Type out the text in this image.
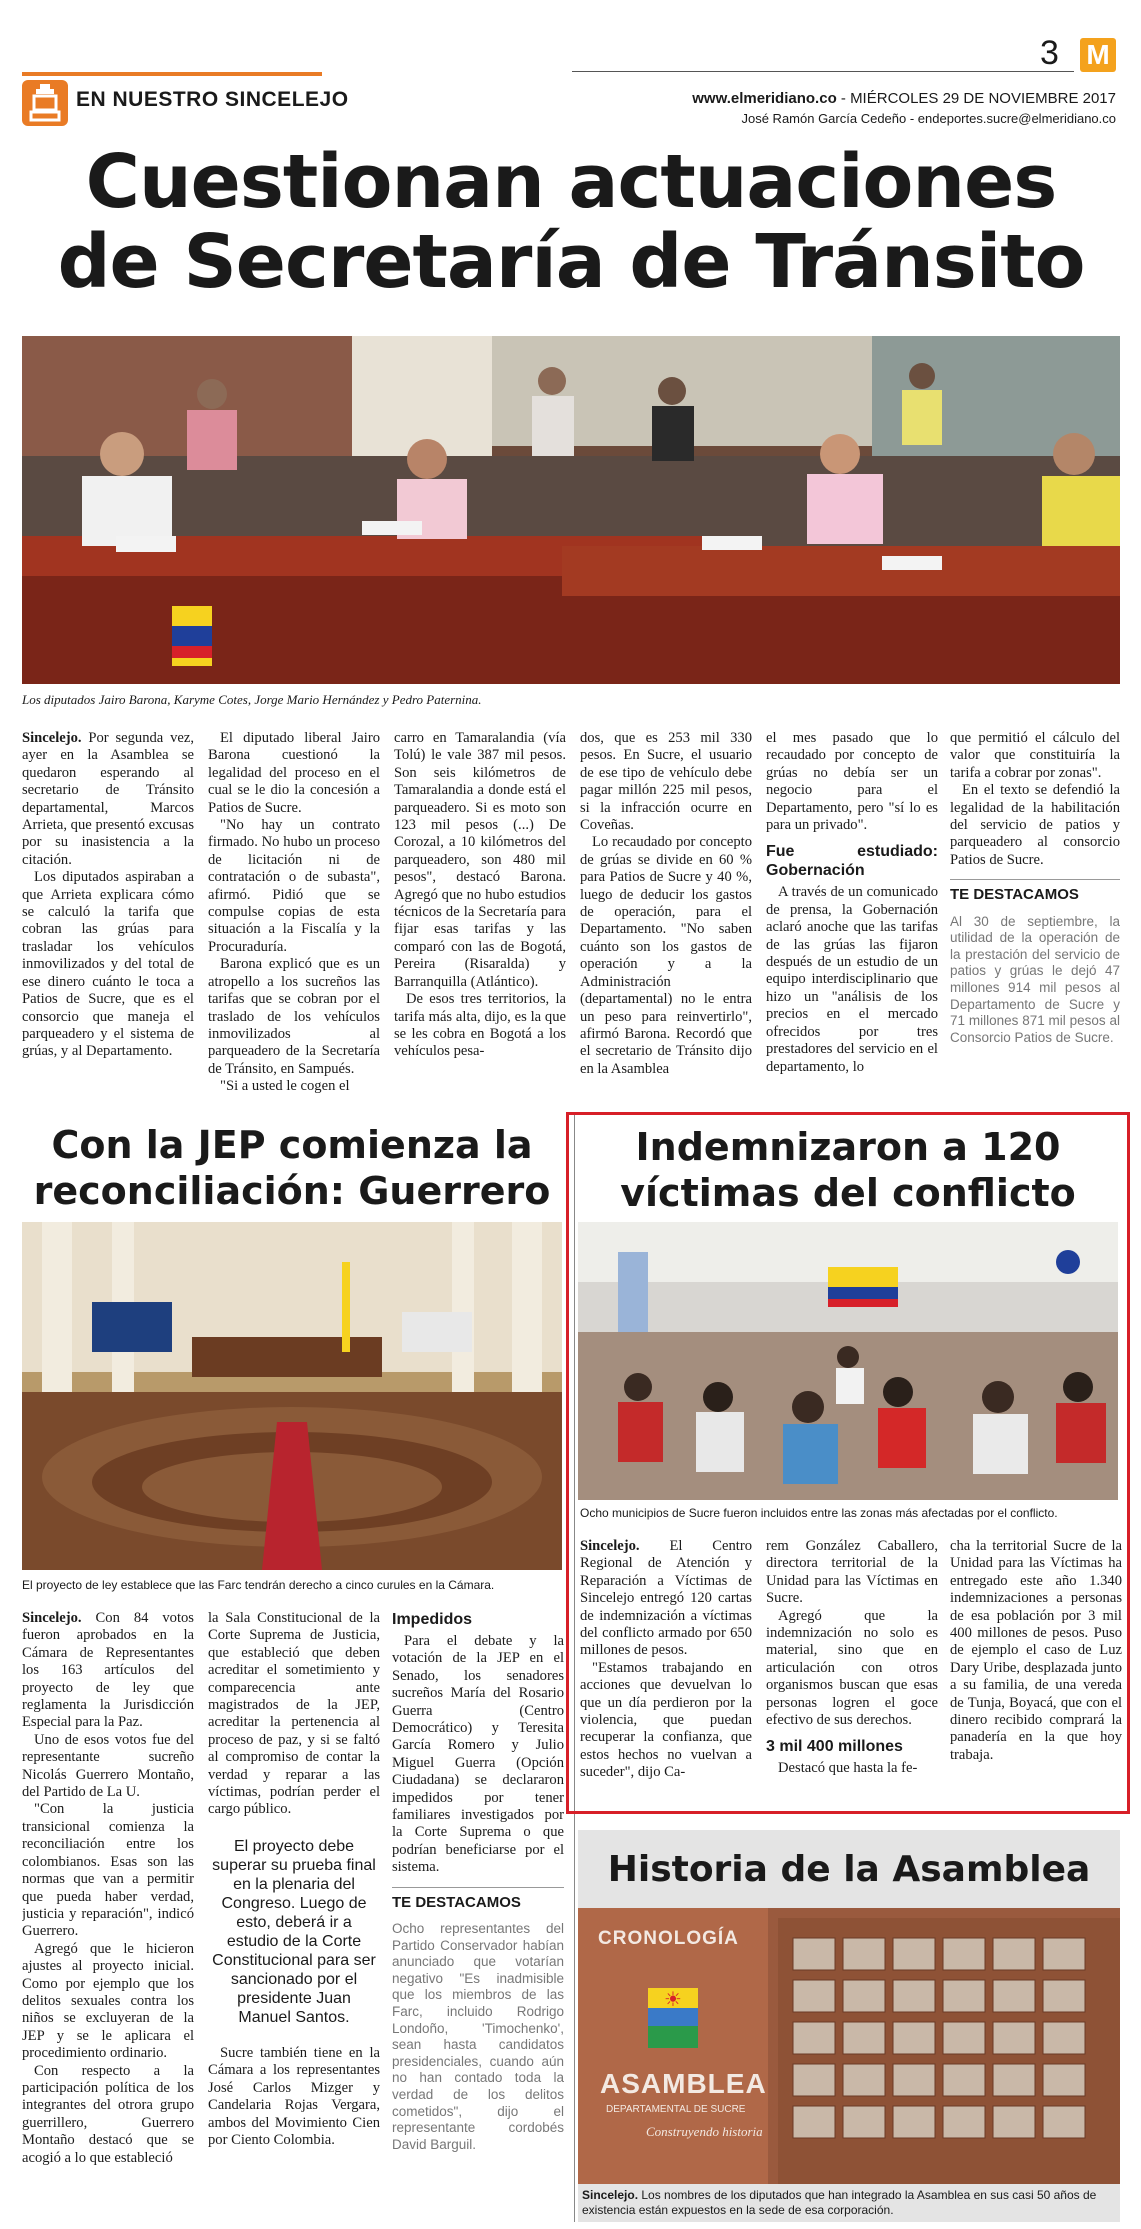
EN NUESTRO SINCELEJO
3 M
www.elmeridiano.co - MIÉRCOLES 29 DE NOVIEMBRE 2017
José Ramón García Cedeño - endeportes.sucre@elmeridiano.co
Cuestionan actuaciones
de Secretaría de Tránsito
Los diputados Jairo Barona, Karyme Cotes, Jorge Mario Hernández y Pedro Paternina.

Sincelejo. Por segunda vez, ayer en la Asamblea se quedaron esperando al secretario de Tránsito departamental, Marcos Arrieta, que presentó excusas por su inasistencia a la citación.

Los diputados aspiraban a que Arrieta explicara cómo se calculó la tarifa que cobran las grúas para trasladar los vehículos inmovilizados y del total de ese dinero cuánto le toca a Patios de Sucre, que es el consorcio que maneja el parqueadero y el sistema de grúas, y al Departamento.

El diputado liberal Jairo Barona cuestionó la legalidad del proceso en el cual se le dio la concesión a Patios de Sucre.

"No hay un contrato firmado. No hubo un proceso de licitación ni de contratación o de subasta", afirmó. Pidió que se compulse copias de esta situación a la Fiscalía y la Procuraduría.

Barona explicó que es un atropello a los sucreños las tarifas que se cobran por el traslado de los vehículos inmovilizados al parqueadero de la Secretaría de Tránsito, en Sampués.

"Si a usted le cogen el

carro en Tamaralandia (vía Tolú) le vale 387 mil pesos. Son seis kilómetros de Tamaralandia a donde está el parqueadero. Si es moto son 123 mil pesos (...) De Corozal, a 10 kilómetros del parqueadero, son 480 mil pesos", destacó Barona. Agregó que no hubo estudios técnicos de la Secretaría para fijar esas tarifas y las comparó con las de Bogotá, Pereira (Risaralda) y Barranquilla (Atlántico).

De esos tres territorios, la tarifa más alta, dijo, es la que se les cobra en Bogotá a los vehículos pesa-

dos, que es 253 mil 330 pesos. En Sucre, el usuario de ese tipo de vehículo debe pagar millón 225 mil pesos, si la infracción ocurre en Coveñas.

Lo recaudado por concepto de grúas se divide en 60 % para Patios de Sucre y 40 %, luego de deducir los gastos de operación, para el Departamento. "No saben cuánto son los gastos de operación y a la Administración (departamental) no le entra un peso para reinvertirlo", afirmó Barona. Recordó que el secretario de Tránsito dijo en la Asamblea

el mes pasado que lo recaudado por concepto de grúas no debía ser un negocio para el Departamento, pero "sí lo es para un privado".

Fue estudiado: Gobernación

A través de un comunicado de prensa, la Gobernación aclaró anoche que las tarifas de las grúas las fijaron después de un estudio de un equipo interdisciplinario que hizo un "análisis de los precios en el mercado ofrecidos por tres prestadores del servicio en el departamento, lo

que permitió el cálculo del valor que constituiría la tarifa a cobrar por zonas".

En el texto se defendió la legalidad de la habilitación del servicio de patios y parqueadero al consorcio Patios de Sucre.

TE DESTACAMOS
Al 30 de septiembre, la utilidad de la operación de la prestación del servicio de patios y grúas le dejó 47 millones 914 mil pesos al Departamento de Sucre y 71 millones 871 mil pesos al Consorcio Patios de Sucre.
Con la JEP comienza la
reconciliación: Guerrero
El proyecto de ley establece que las Farc tendrán derecho a cinco curules en la Cámara.

Sincelejo. Con 84 votos fueron aprobados en la Cámara de Representantes los 163 artículos del proyecto de ley que reglamenta la Jurisdicción Especial para la Paz.

Uno de esos votos fue del representante sucreño Nicolás Guerrero Montaño, del Partido de La U.

"Con la justicia transicional comienza la reconciliación entre los colombianos. Esas son las normas que van a permitir que pueda haber verdad, justicia y reparación", indicó Guerrero.

Agregó que le hicieron ajustes al proyecto inicial. Como por ejemplo que los delitos sexuales contra los niños se excluyeran de la JEP y se le aplicara el procedimiento ordinario.

Con respecto a la participación política de los integrantes del otrora grupo guerrillero, Guerrero Montaño destacó que se acogió a lo que estableció

la Sala Constitucional de la Corte Suprema de Justicia, que estableció que deben acreditar el sometimiento y comparecencia ante magistrados de la JEP, acreditar la pertenencia al proceso de paz, y si se faltó al compromiso de contar la verdad y reparar a las víctimas, podrían perder el cargo público.

El proyecto debe superar su prueba final en la plenaria del Congreso. Luego de esto, deberá ir a estudio de la Corte Constitucional para ser sancionado por el presidente Juan Manuel Santos.

Sucre también tiene en la Cámara a los representantes José Carlos Mizger y Candelaria Rojas Vergara, ambos del Movimiento Cien por Ciento Colombia.

Impedidos

Para el debate y la votación de la JEP en el Senado, los senadores sucreños María del Rosario Guerra (Centro Democrático) y Teresita García Romero y Julio Miguel Guerra (Opción Ciudadana) se declararon impedidos por tener familiares investigados por la Corte Suprema o que podrían beneficiarse por el sistema.

TE DESTACAMOS
Ocho representantes del Partido Conservador habían anunciado que votarían negativo "Es inadmisible que los miembros de las Farc, incluido Rodrigo Londoño, 'Timochenko', sean hasta candidatos presidenciales, cuando aún no han contado toda la verdad de los delitos cometidos", dijo el representante cordobés David Barguil.
Indemnizaron a 120
víctimas del conflicto
Ocho municipios de Sucre fueron incluidos entre las zonas más afectadas por el conflicto.

Sincelejo. El Centro Regional de Atención y Reparación a Víctimas de Sincelejo entregó 120 cartas de indemnización a víctimas del conflicto armado por 650 millones de pesos.

"Estamos trabajando en acciones que devuelvan lo que un día perdieron por la violencia, que puedan recuperar la confianza, que estos hechos no vuelvan a suceder", dijo Ca-

rem González Caballero, directora territorial de la Unidad para las Víctimas en Sucre.

Agregó que la indemnización no solo es material, sino que en articulación con otros organismos buscan que esas personas logren el goce efectivo de sus derechos.

3 mil 400 millones

Destacó que hasta la fe-

cha la territorial Sucre de la Unidad para las Víctimas ha entregado este año 1.340 indemnizaciones a personas de esa población por 3 mil 400 millones de pesos. Puso de ejemplo el caso de Luz Dary Uribe, desplazada junto a su familia, de una vereda de Tunja, Boyacá, que con el dinero recibido comprará la panadería en la que hoy trabaja.

Historia de la Asamblea
☀
CRONOLOGÍA
ASAMBLEA
DEPARTAMENTAL DE SUCRE
Construyendo historia
Sincelejo. Los nombres de los diputados que han integrado la Asamblea en sus casi 50 años de existencia están expuestos en la sede de esa corporación.
